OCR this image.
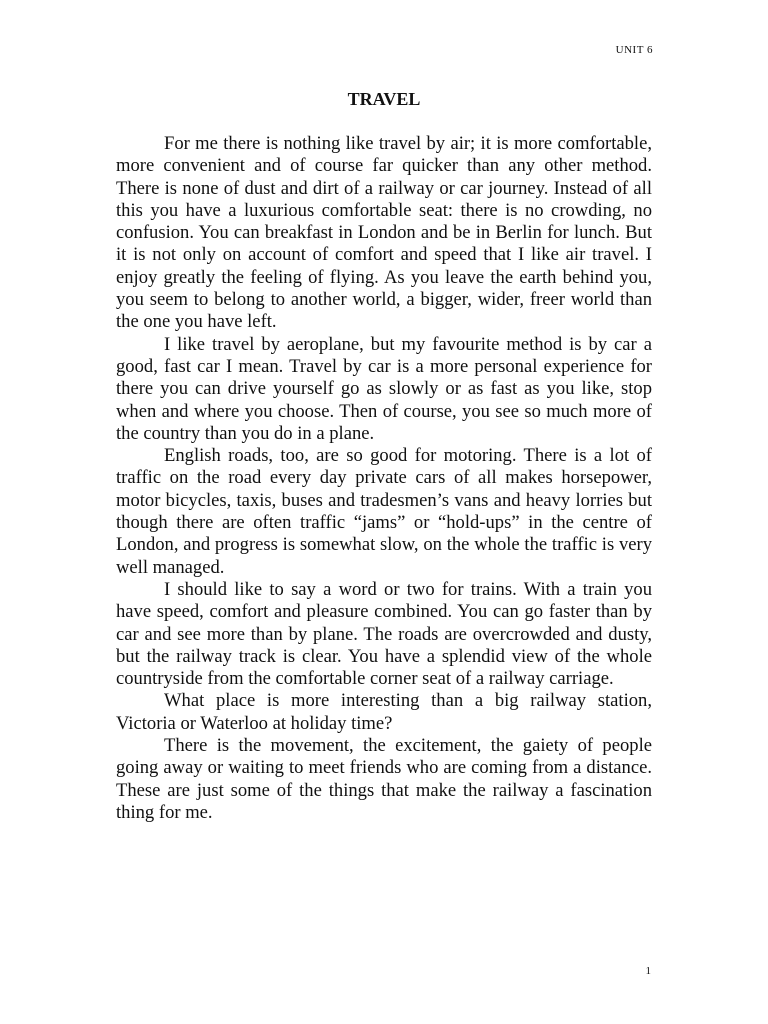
UNIT 6
TRAVEL

For me there is nothing like travel by air; it is more comfortable, more convenient and of course far quicker than any other method. There is none of dust and dirt of a railway or car journey. Instead of all this you have a luxurious comfortable seat: there is no crowding, no confusion. You can breakfast in London and be in Berlin for lunch. But it is not only on account of comfort and speed that I like air travel. I enjoy greatly the feeling of flying. As you leave the earth behind you, you seem to belong to another world, a bigger, wider, freer world than the one you have left.

I like travel by aeroplane, but my favourite method is by car a good, fast car I mean. Travel by car is a more personal experience for there you can drive yourself go as slowly or as fast as you like, stop when and where you choose. Then of course, you see so much more of the country than you do in a plane.

English roads, too, are so good for motoring. There is a lot of traffic on the road every day private cars of all makes horsepower, motor bicycles, taxis, buses and tradesmen’s vans and heavy lorries but though there are often traffic “jams” or “hold-ups” in the centre of London, and progress is somewhat slow, on the whole the traffic is very well managed.

I should like to say a word or two for trains. With a train you have speed, comfort and pleasure combined. You can go faster than by car and see more than by plane. The roads are overcrowded and dusty, but the railway track is clear. You have a splendid view of the whole countryside from the comfortable corner seat of a railway carriage.

What place is more interesting than a big railway station, Victoria or Waterloo at holiday time?

There is the movement, the excitement, the gaiety of people going away or waiting to meet friends who are coming from a distance. These are just some of the things that make the railway a fascination thing for me.

1
